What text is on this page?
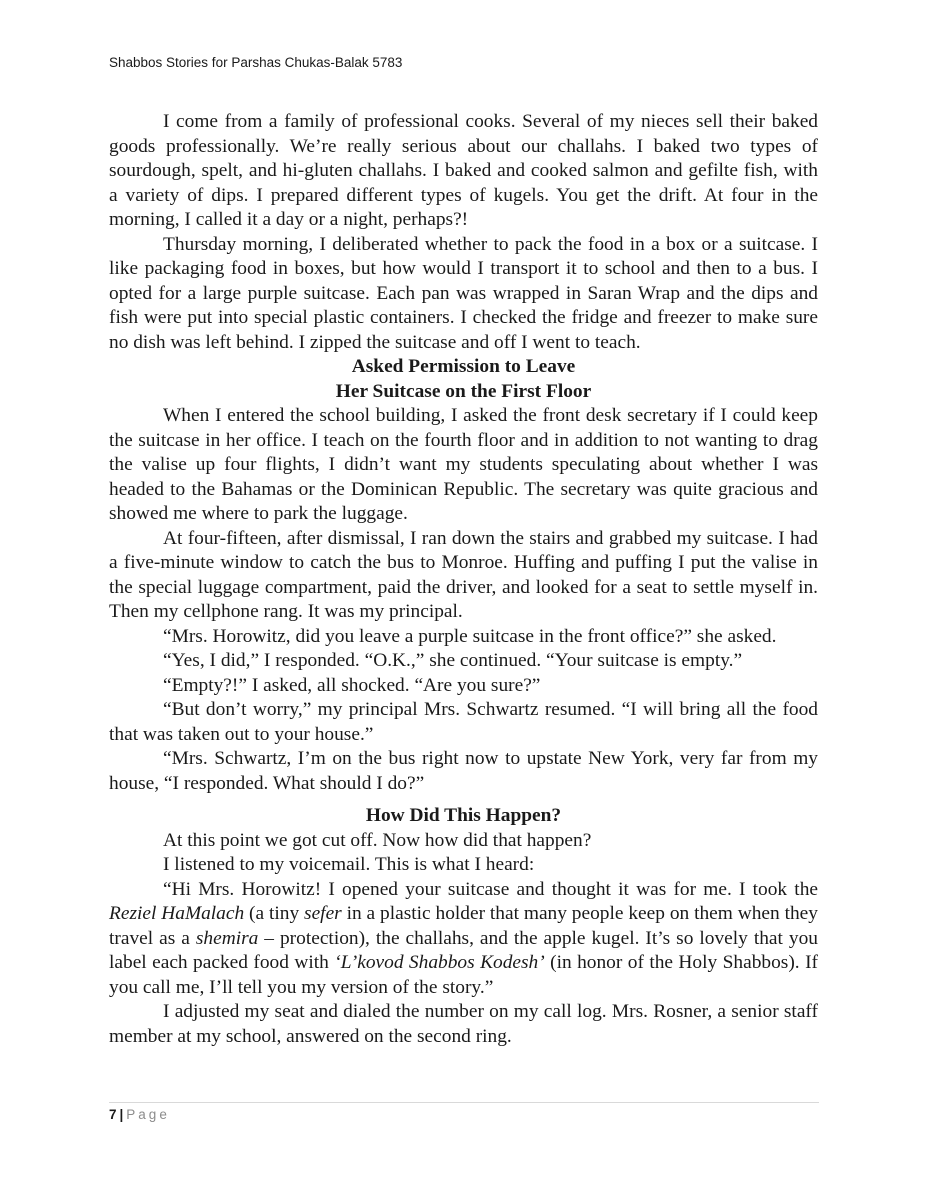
Shabbos Stories for Parshas Chukas-Balak 5783

I come from a family of professional cooks. Several of my nieces sell their baked goods professionally. We’re really serious about our challahs. I baked two types of sourdough, spelt, and hi-gluten challahs. I baked and cooked salmon and gefilte fish, with a variety of dips. I prepared different types of kugels. You get the drift. At four in the morning, I called it a day or a night, perhaps?!

Thursday morning, I deliberated whether to pack the food in a box or a suitcase. I like packaging food in boxes, but how would I transport it to school and then to a bus. I opted for a large purple suitcase. Each pan was wrapped in Saran Wrap and the dips and fish were put into special plastic containers. I checked the fridge and freezer to make sure no dish was left behind. I zipped the suitcase and off I went to teach.

Asked Permission to Leave
Her Suitcase on the First Floor

When I entered the school building, I asked the front desk secretary if I could keep the suitcase in her office. I teach on the fourth floor and in addition to not wanting to drag the valise up four flights, I didn’t want my students speculating about whether I was headed to the Bahamas or the Dominican Republic. The secretary was quite gracious and showed me where to park the luggage.

At four-fifteen, after dismissal, I ran down the stairs and grabbed my suitcase. I had a five-minute window to catch the bus to Monroe. Huffing and puffing I put the valise in the special luggage compartment, paid the driver, and looked for a seat to settle myself in. Then my cellphone rang. It was my principal.

“Mrs. Horowitz, did you leave a purple suitcase in the front office?” she asked.

“Yes, I did,” I responded. “O.K.,” she continued. “Your suitcase is empty.”

“Empty?!” I asked, all shocked. “Are you sure?”

“But don’t worry,” my principal Mrs. Schwartz resumed. “I will bring all the food that was taken out to your house.”

“Mrs. Schwartz, I’m on the bus right now to upstate New York, very far from my house, “I responded. What should I do?”

How Did This Happen?

At this point we got cut off. Now how did that happen?

I listened to my voicemail. This is what I heard:

“Hi Mrs. Horowitz! I opened your suitcase and thought it was for me. I took the Reziel HaMalach (a tiny sefer in a plastic holder that many people keep on them when they travel as a shemira – protection), the challahs, and the apple kugel. It’s so lovely that you label each packed food with ‘L’kovod Shabbos Kodesh’ (in honor of the Holy Shabbos). If you call me, I’ll tell you my version of the story.”

I adjusted my seat and dialed the number on my call log. Mrs. Rosner, a senior staff member at my school, answered on the second ring.

7 | Page
